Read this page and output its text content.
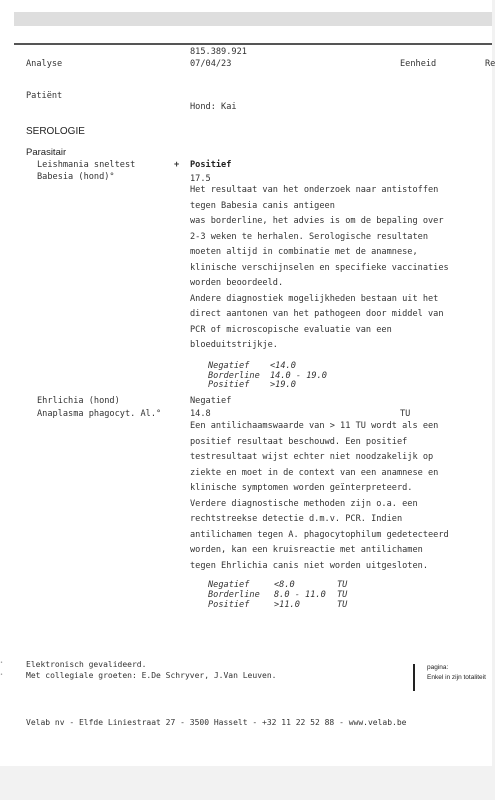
815.389.921
Analyse	07/04/23	Eenheid	Re
Patiënt
Hond: Kai
SEROLOGIE
Parasitair
Leishmania sneltest	+ Positief
Babesia (hond)°	17.5
Het resultaat van het onderzoek naar antistoffen
tegen Babesia canis antigeen
was borderline, het advies is om de bepaling over
2-3 weken te herhalen. Serologische resultaten
moeten altijd in combinatie met de anamnese,
klinische verschijnselen en specifieke vaccinaties
worden beoordeeld.
Andere diagnostiek mogelijkheden bestaan uit het
direct aantonen van het pathogeen door middel van
PCR of microscopische evaluatie van een
bloeduitstrijkje.
Negatief <14.0
Borderline 14.0 - 19.0
Positief >19.0
Ehrlichia (hond)	Negatief
Anaplasma phagocyt. Al.°	14.8	TU
Een antilichaamswaarde van > 11 TU wordt als een
positief resultaat beschouwd. Een positief
testresultaat wijst echter niet noodzakelijk op
ziekte en moet in de context van een anamnese en
klinische symptomen worden geïnterpreteerd.
Verdere diagnostische methoden zijn o.a. een
rechtstreekse detectie d.m.v. PCR. Indien
antilichamen tegen A. phagocytophilum gedetecteerd
worden, kan een kruisreactie met antilichamen
tegen Ehrlichia canis niet worden uitgesloten.
Negatief	<8.0	TU
Borderline 8.0 - 11.0 TU
Positief	>11.0	TU
•
•
Elektronisch gevalideerd.
Met collegiale groeten: E.De Schryver, J.Van Leuven.
pagina:
Enkel in zijn totaliteit
Velab nv - Elfde Liniestraat 27 - 3500 Hasselt - +32 11 22 52 88 - www.velab.be
